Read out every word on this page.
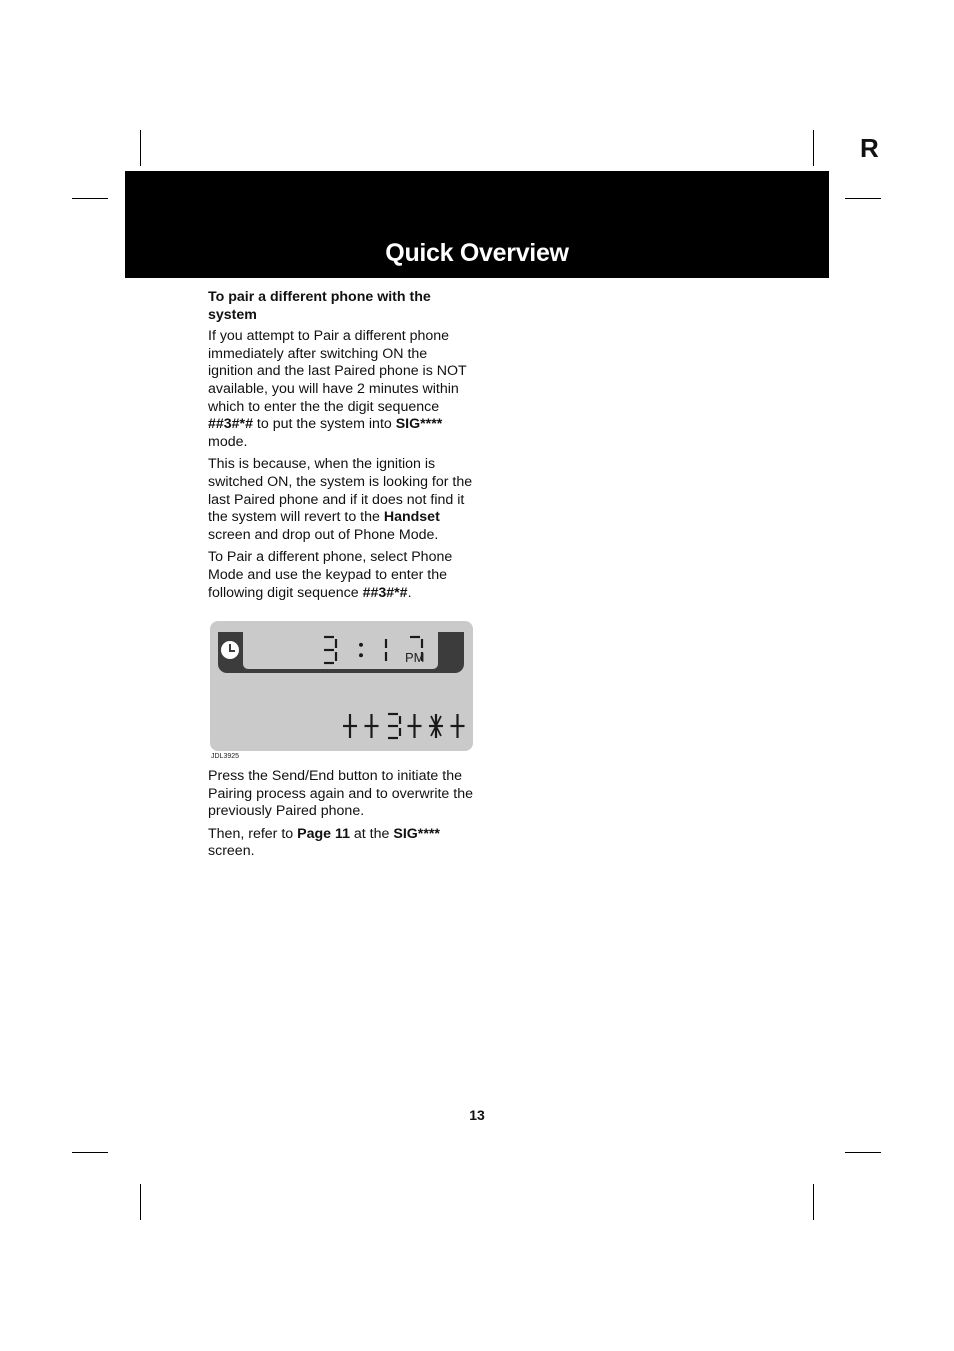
R
Quick Overview
To pair a different phone with the system

If you attempt to Pair a different phone immediately after switching ON the ignition and the last Paired phone is NOT available, you will have 2 minutes within which to enter the the digit sequence ##3#*# to put the system into SIG**** mode.

This is because, when the ignition is switched ON, the system is looking for the last Paired phone and if it does not find it the system will revert to the Handset screen and drop out of Phone Mode.

To Pair a different phone, select Phone Mode and use the keypad to enter the following digit sequence ##3#*#.

PM
JDL3925

Press the Send/End button to initiate the Pairing process again and to overwrite the previously Paired phone.

Then, refer to Page 11 at the SIG**** screen.

13
